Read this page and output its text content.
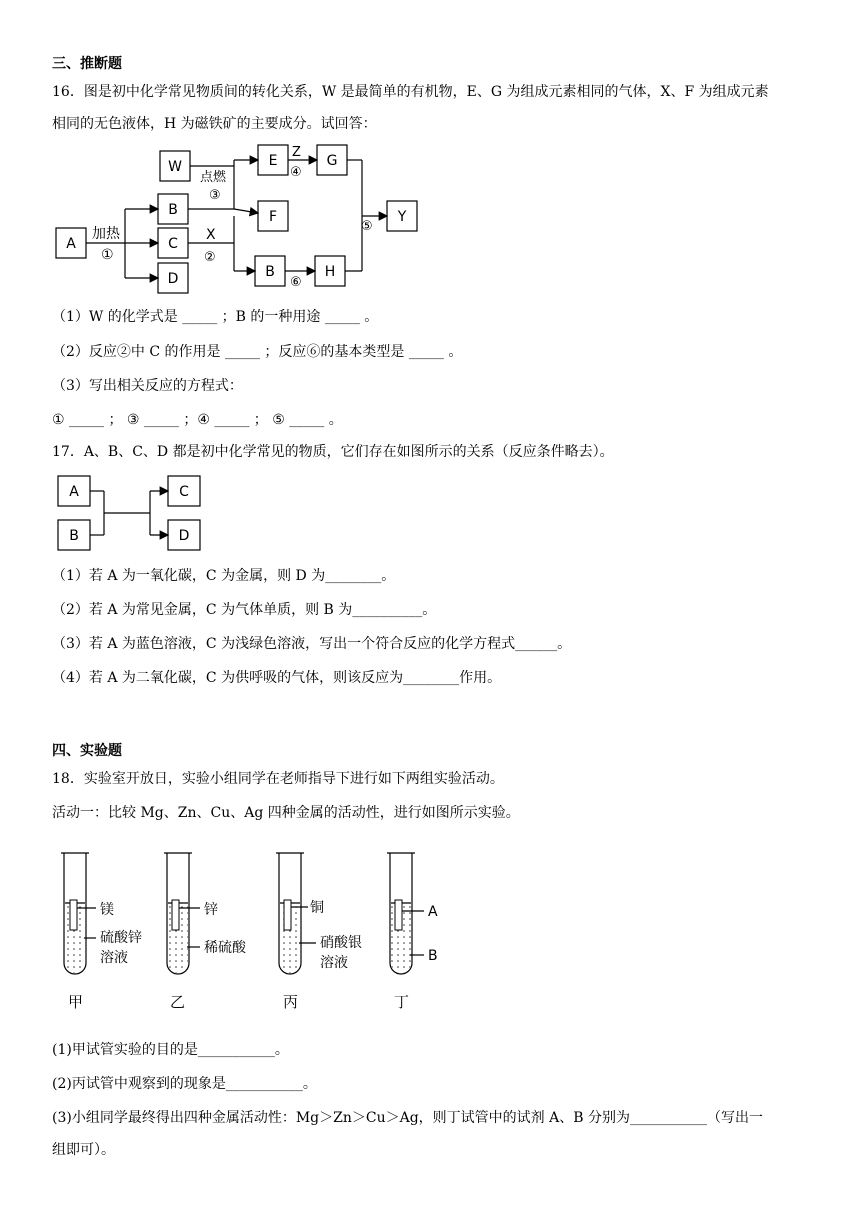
三、推断题
16．图是初中化学常见物质间的转化关系，W 是最简单的有机物，E、G 为组成元素相同的气体，X、F 为组成元素
相同的无色液体，H 为磁铁矿的主要成分。试回答：
W	E	G
B	F	Y
A	C
D	B	H
加热
①
点燃
③
Z
④
X
②
⑥
⑤
（1）W 的化学式是 _____ ；B 的一种用途 _____ 。
（2）反应②中 C 的作用是 _____ ；反应⑥的基本类型是 _____ 。
（3）写出相关反应的方程式：
① _____ ； ③ _____ ；④ _____ ； ⑤ _____ 。
17．A、B、C、D 都是初中化学常见的物质，它们存在如图所示的关系（反应条件略去）。
A
B
C
D
（1）若 A 为一氧化碳，C 为金属，则 D 为________。
（2）若 A 为常见金属，C 为气体单质，则 B 为__________。
（3）若 A 为蓝色溶液，C 为浅绿色溶液，写出一个符合反应的化学方程式______。
（4）若 A 为二氧化碳，C 为供呼吸的气体，则该反应为________作用。
四、实验题
18．实验室开放日，实验小组同学在老师指导下进行如下两组实验活动。
活动一：比较 Mg、Zn、Cu、Ag 四种金属的活动性，进行如图所示实验。
镁
硫酸锌
溶液
甲
锌
稀硫酸
乙
铜
硝酸银
溶液
丙
A
B
丁
(1)甲试管实验的目的是___________。
(2)丙试管中观察到的现象是___________。
(3)小组同学最终得出四种金属活动性：Mg＞Zn＞Cu＞Ag，则丁试管中的试剂 A、B 分别为___________（写出一
组即可）。
